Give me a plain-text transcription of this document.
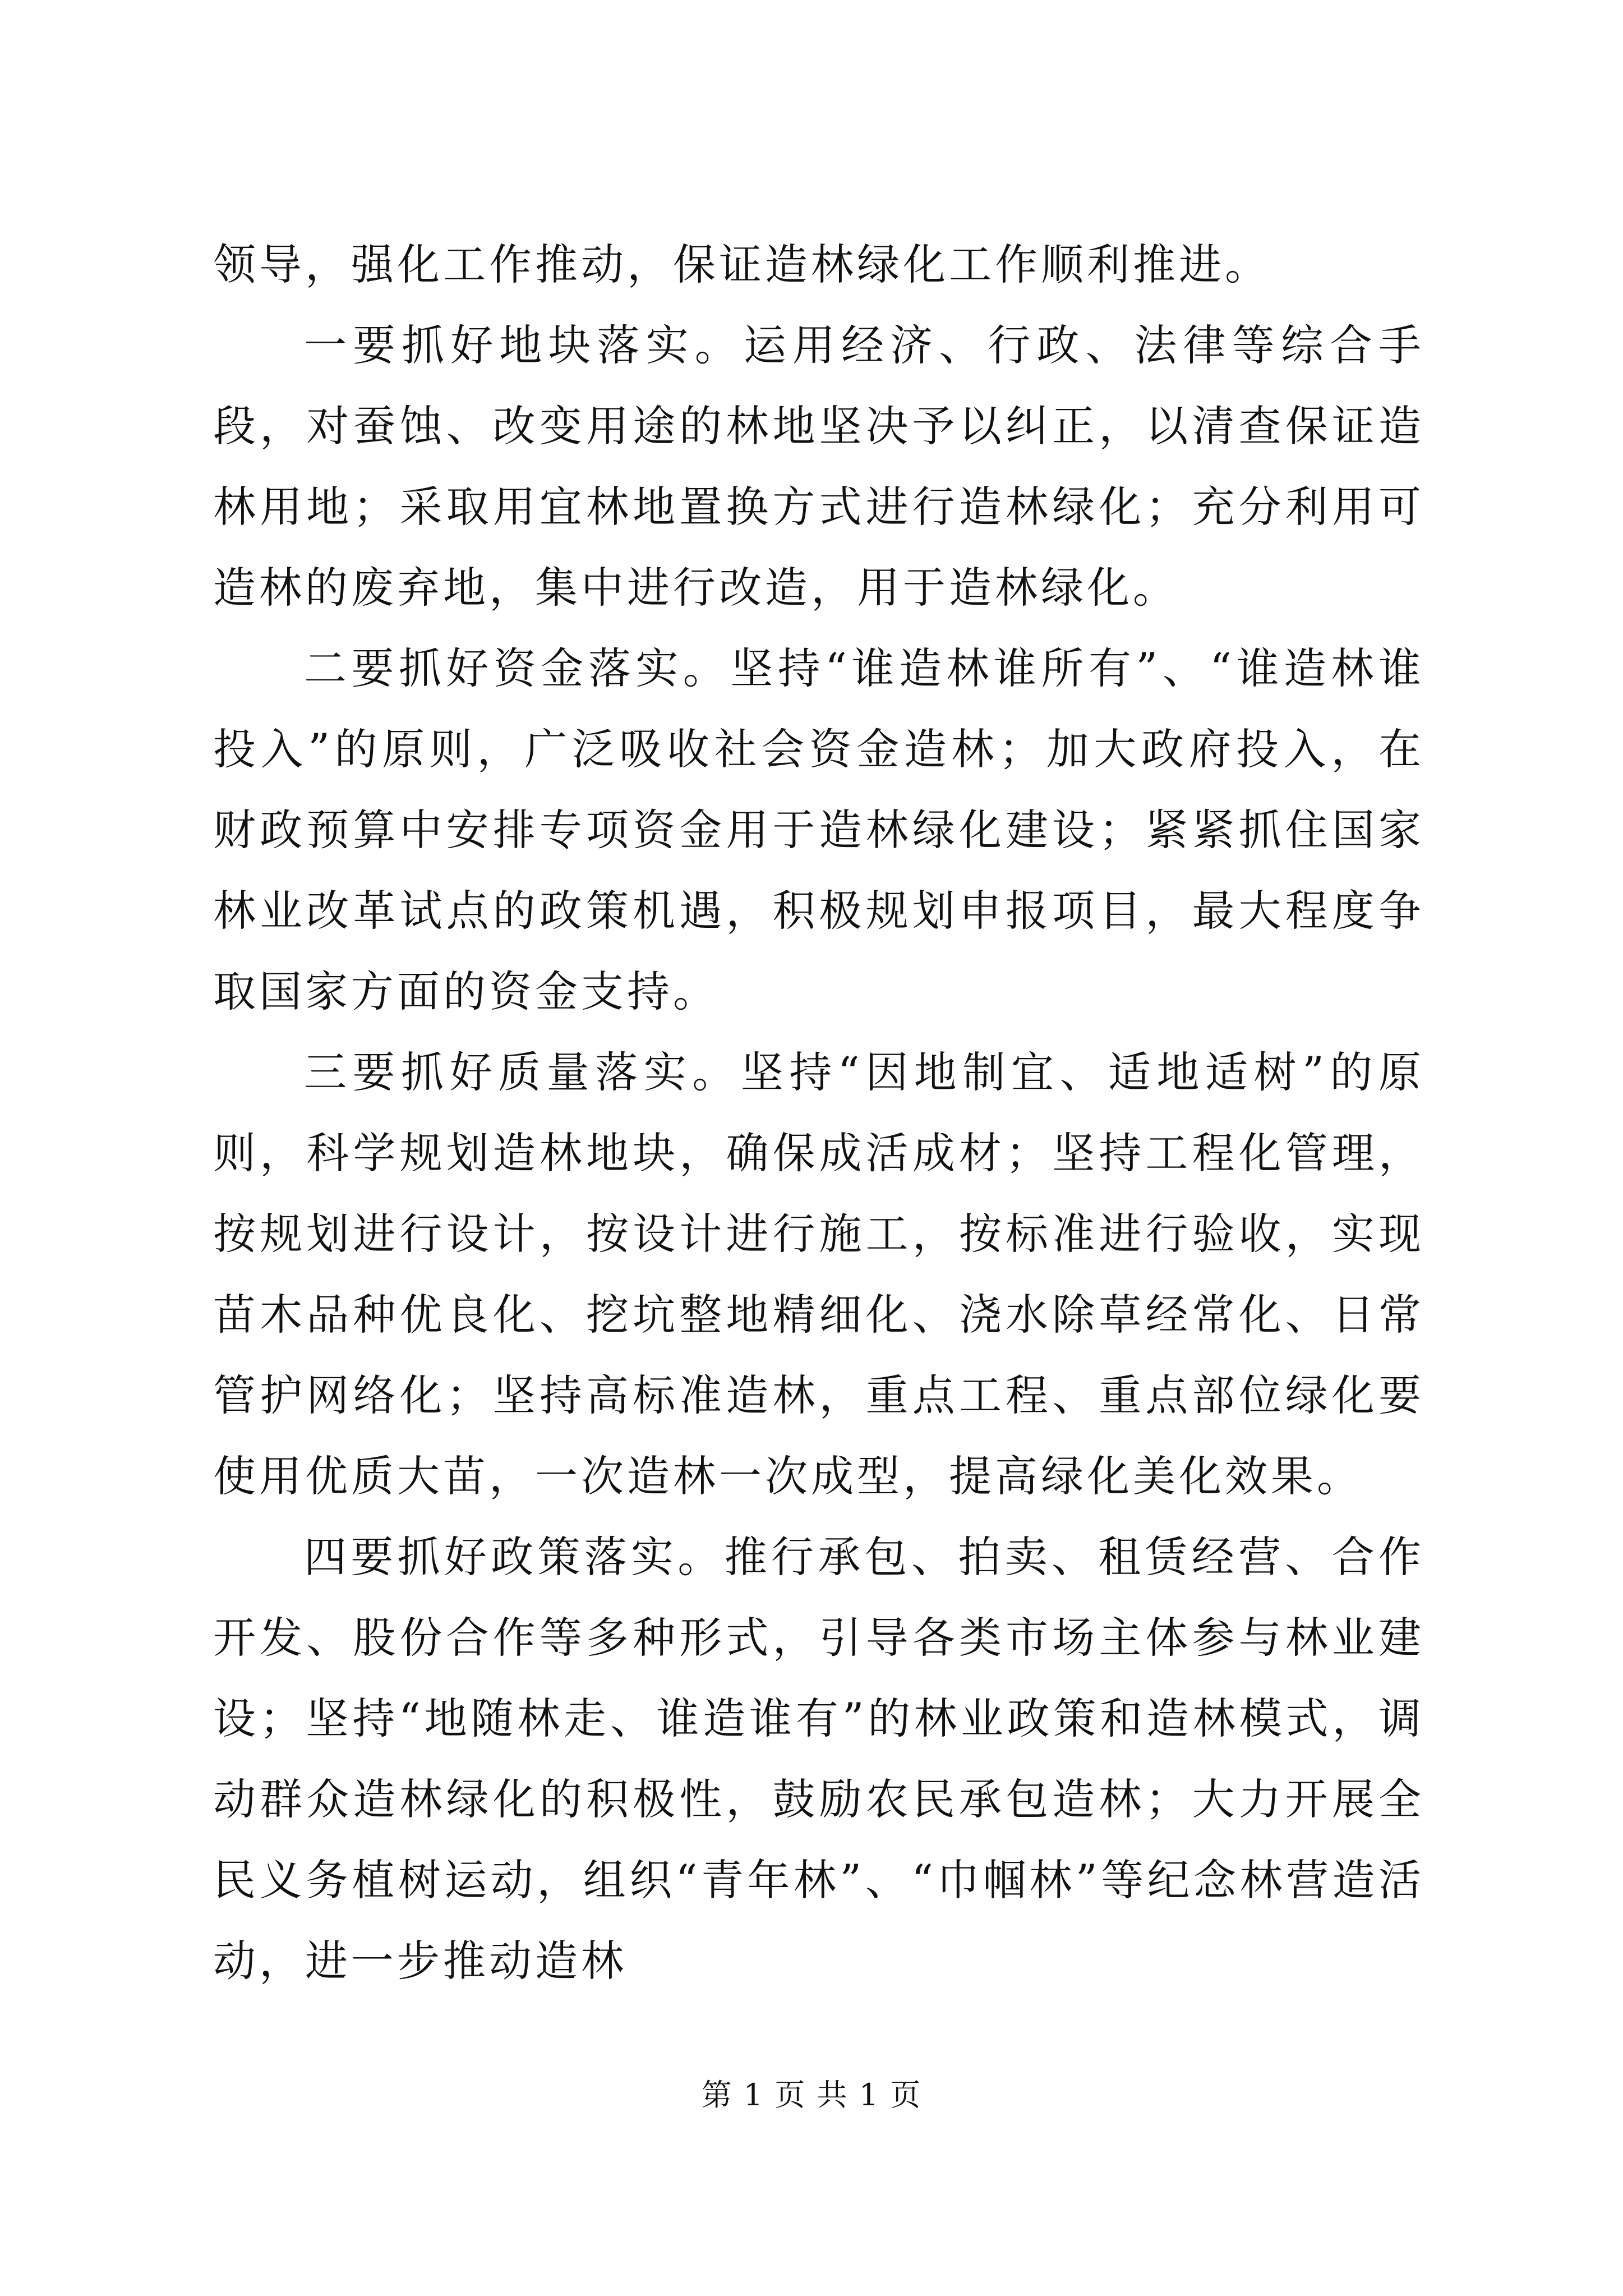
领导，强化工作推动，保证造林绿化工作顺利推进。

一要抓好地块落实。运用经济、行政、法律等综合手段，对蚕蚀、改变用途的林地坚决予以纠正，以清查保证造林用地；采取用宜林地置换方式进行造林绿化；充分利用可造林的废弃地，集中进行改造，用于造林绿化。

二要抓好资金落实。坚持“谁造林谁所有”、“谁造林谁投入”的原则，广泛吸收社会资金造林；加大政府投入，在财政预算中安排专项资金用于造林绿化建设；紧紧抓住国家林业改革试点的政策机遇，积极规划申报项目，最大程度争取国家方面的资金支持。

三要抓好质量落实。坚持“因地制宜、适地适树”的原则，科学规划造林地块，确保成活成材；坚持工程化管理，按规划进行设计，按设计进行施工，按标准进行验收，实现苗木品种优良化、挖坑整地精细化、浇水除草经常化、日常管护网络化；坚持高标准造林，重点工程、重点部位绿化要使用优质大苗，一次造林一次成型，提高绿化美化效果。

四要抓好政策落实。推行承包、拍卖、租赁经营、合作开发、股份合作等多种形式，引导各类市场主体参与林业建设；坚持“地随林走、谁造谁有”的林业政策和造林模式，调动群众造林绿化的积极性，鼓励农民承包造林；大力开展全民义务植树运动，组织“青年林”、“巾帼林”等纪念林营造活动，进一步推动造林

第 1 页 共 1 页
